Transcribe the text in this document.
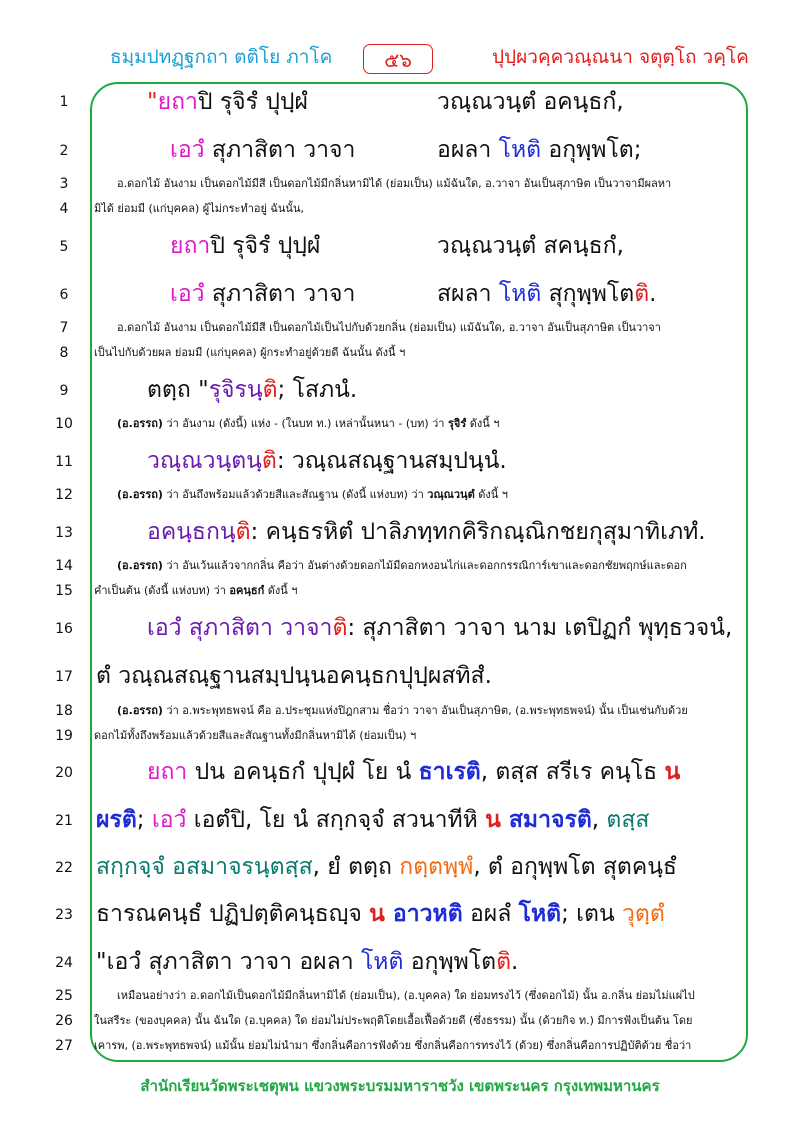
ธมฺมปทฏฺฐกถา ตติโย ภาโค	๕๖	ปุปฺผวคฺควณฺณนา จตุตฺโถ วคฺโค
1
2
3
4
5
6
7
8
9
10
11
12
13
14
15
16
17
18
19
20
21
22
23
24
25
26
27
"ยถาปิ รุจิรํ ปุปฺผํ	วณฺณวนฺตํ อคนฺธกํ,
เอวํ สุภาสิตา วาจา	อผลา โหติ อกุพฺพโต;
อ.ดอกไม้ อันงาม เป็นดอกไม้มีสี เป็นดอกไม้มีกลิ่นหามิได้ (ย่อมเป็น) แม้ฉันใด, อ.วาจา อันเป็นสุภาษิต เป็นวาจามีผลหา
มิได้ ย่อมมี (แก่บุคคล) ผู้ไม่กระทำอยู่ ฉันนั้น,
ยถาปิ รุจิรํ ปุปฺผํ	วณฺณวนฺตํ สคนฺธกํ,
เอวํ สุภาสิตา วาจา	สผลา โหติ สุกุพฺพโตติ.
อ.ดอกไม้ อันงาม เป็นดอกไม้มีสี เป็นดอกไม้เป็นไปกับด้วยกลิ่น (ย่อมเป็น) แม้ฉันใด, อ.วาจา อันเป็นสุภาษิต เป็นวาจา
เป็นไปกับด้วยผล ย่อมมี (แก่บุคคล) ผู้กระทำอยู่ด้วยดี ฉันนั้น ดังนี้ ฯ
ตตฺถ "รุจิรนฺติ; โสภนํ.
(อ.อรรถ) ว่า อันงาม (ดังนี้) แห่ง - (ในบท ท.) เหล่านั้นหนา - (บท) ว่า รุจิรํ ดังนี้ ฯ
วณฺณวนฺตนฺติ: วณฺณสณฺฐานสมฺปนฺนํ.
(อ.อรรถ) ว่า อันถึงพร้อมแล้วด้วยสีและสัณฐาน (ดังนี้ แห่งบท) ว่า วณฺณวนฺตํ ดังนี้ ฯ
อคนฺธกนฺติ: คนฺธรหิตํ ปาลิภทฺทกคิริกณฺณิกชยกุสุมาทิเภทํ.
(อ.อรรถ) ว่า อันเว้นแล้วจากกลิ่น คือว่า อันต่างด้วยดอกไม้มีดอกหงอนไก่และดอกกรรณิการ์เขาและดอกชัยพฤกษ์และดอก
คำเป็นต้น (ดังนี้ แห่งบท) ว่า อคนฺธกํ ดังนี้ ฯ
เอวํ สุภาสิตา วาจาติ: สุภาสิตา วาจา นาม เตปิฏกํ พุทฺธวจนํ,
ตํ วณฺณสณฺฐานสมฺปนฺนอคนฺธกปุปฺผสทิสํ.
(อ.อรรถ) ว่า อ.พระพุทธพจน์ คือ อ.ประชุมแห่งปิฎกสาม ชื่อว่า วาจา อันเป็นสุภาษิต, (อ.พระพุทธพจน์) นั้น เป็นเช่นกับด้วย
ดอกไม้ทั้งถึงพร้อมแล้วด้วยสีและสัณฐานทั้งมีกลิ่นหามิได้ (ย่อมเป็น) ฯ
ยถา ปน อคนฺธกํ ปุปฺผํ โย นํ ธาเรติ, ตสฺส สรีเร คนฺโธ น
ผรติ; เอวํ เอตํปิ, โย นํ สกฺกจฺจํ สวนาทีหิ น สมาจรติ, ตสฺส
สกฺกจฺจํ อสมาจรนฺตสฺส, ยํ ตตฺถ กตฺตพฺพํ, ตํ อกุพฺพโต สุตคนฺธํ
ธารณคนฺธํ ปฏิปตฺติคนฺธญฺจ น อาวหติ อผลํ โหติ; เตน วุตฺตํ
"เอวํ สุภาสิตา วาจา อผลา โหติ อกุพฺพโตติ.
เหมือนอย่างว่า อ.ดอกไม้เป็นดอกไม้มีกลิ่นหามิได้ (ย่อมเป็น), (อ.บุคคล) ใด ย่อมทรงไว้ (ซึ่งดอกไม้) นั้น อ.กลิ่น ย่อมไม่แผ่ไป
ในสรีระ (ของบุคคล) นั้น ฉันใด (อ.บุคคล) ใด ย่อมไม่ประพฤติโดยเอื้อเฟื้อด้วยดี (ซึ่งธรรม) นั้น (ด้วยกิจ ท.) มีการฟังเป็นต้น โดย
เคารพ, (อ.พระพุทธพจน์) แม้นั้น ย่อมไม่นำมา ซึ่งกลิ่นคือการฟังด้วย ซึ่งกลิ่นคือการทรงไว้ (ด้วย) ซึ่งกลิ่นคือการปฏิบัติด้วย ชื่อว่า
สำนักเรียนวัดพระเชตุพน แขวงพระบรมมหาราชวัง เขตพระนคร กรุงเทพมหานคร
